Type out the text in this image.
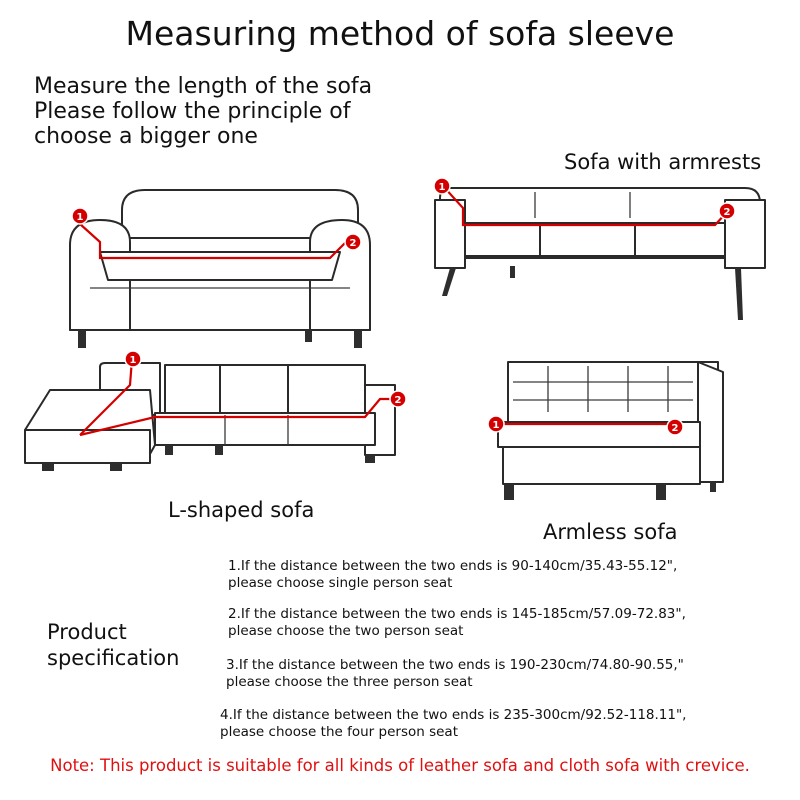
Measuring method of sofa sleeve
Measure the length of the sofa
Please follow the principle of
choose a bigger one
Sofa with armrests
1
2
1
2
1
2
L-shaped sofa
1	2
Armless sofa
Product
specification
1.If the distance between the two ends is 90-140cm/35.43-55.12",
please choose single person seat
2.If the distance between the two ends is 145-185cm/57.09-72.83",
please choose the two person seat
3.If the distance between the two ends is 190-230cm/74.80-90.55,"
please choose the three person seat
4.If the distance between the two ends is 235-300cm/92.52-118.11",
please choose the four person seat
Note: This product is suitable for all kinds of leather sofa and cloth sofa with crevice.
